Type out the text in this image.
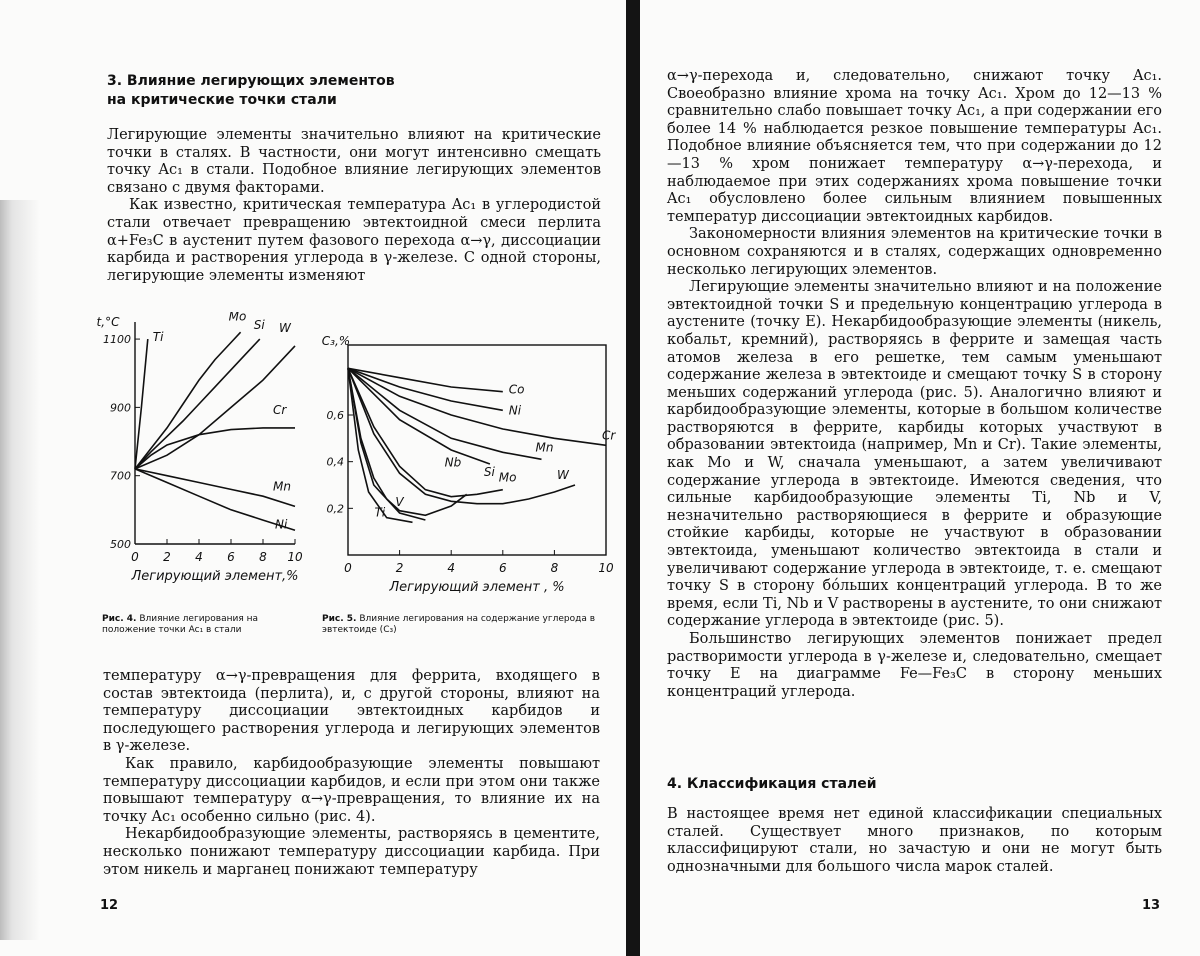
3. Влияние легирующих элементов
на критические точки стали

Легирующие элементы значительно влияют на критические точки в сталях. В частности, они могут интенсивно смещать точку Ac₁ в стали. Подобное влияние легирующих элементов связано с двумя факторами.

Как известно, критическая температура Ac₁ в углеродистой стали отвечает превращению эвтектоидной смеси перлита α+Fe₃C в аустенит путем фазового перехода α→γ, диссоциации карбида и растворения углерода в γ-железе. С одной стороны, легирующие элементы изменяют

0 2 4 6 8 10
1100
900
700
500
t,°C
Легирующий элемент,%
Ti
Mo
Si W
Cr
Mn
Ni
0	2	4	6	8	10
0,6
0,4
0,2
C₃,%
Легирующий элемент , %
Co
Ni
Cr
Mn
Si Mo	W
Nb
V
Ti
Рис. 4. Влияние легирования на положение точки Ac₁ в стали
Рис. 5. Влияние легирования на содержание углерода в эвтектоиде (C₃)

температуру α→γ-превращения для феррита, входящего в состав эвтектоида (перлита), и, с другой стороны, влияют на температуру диссоциации эвтектоидных карбидов и последующего растворения углерода и легирующих элементов в γ-железе.

Как правило, карбидообразующие элементы повышают температуру диссоциации карбидов, и если при этом они также повышают температуру α→γ-превращения, то влияние их на точку Ac₁ особенно сильно (рис. 4).

Некарбидообразующие элементы, растворяясь в цементите, несколько понижают температуру диссоциации карбида. При этом никель и марганец понижают температуру

12

α→γ-перехода и, следовательно, снижают точку Ac₁. Своеобразно влияние хрома на точку Ac₁. Хром до 12—13 % сравнительно слабо повышает точку Ac₁, а при содержании его более 14 % наблюдается резкое повышение температуры Ac₁. Подобное влияние объясняется тем, что при содержании до 12—13 % хром понижает температуру α→γ-перехода, и наблюдаемое при этих содержаниях хрома повышение точки Ac₁ обусловлено более сильным влиянием повышенных температур диссоциации эвтектоидных карбидов.

Закономерности влияния элементов на критические точки в основном сохраняются и в сталях, содержащих одновременно несколько легирующих элементов.

Легирующие элементы значительно влияют и на положение эвтектоидной точки S и предельную концентрацию углерода в аустените (точку E). Некарбидообразующие элементы (никель, кобальт, кремний), растворяясь в феррите и замещая часть атомов железа в его решетке, тем самым уменьшают содержание железа в эвтектоиде и смещают точку S в сторону меньших содержаний углерода (рис. 5). Аналогично влияют и карбидообразующие элементы, которые в большом количестве растворяются в феррите, карбиды которых участвуют в образовании эвтектоида (например, Mn и Cr). Такие элементы, как Mo и W, сначала уменьшают, а затем увеличивают содержание углерода в эвтектоиде. Имеются сведения, что сильные карбидообразующие элементы Ti, Nb и V, незначительно растворяющиеся в феррите и образующие стойкие карбиды, которые не участвуют в образовании эвтектоида, уменьшают количество эвтектоида в стали и увеличивают содержание углерода в эвтектоиде, т. е. смещают точку S в сторону бóльших концентраций углерода. В то же время, если Ti, Nb и V растворены в аустените, то они снижают содержание углерода в эвтектоиде (рис. 5).

Большинство легирующих элементов понижает предел растворимости углерода в γ-железе и, следовательно, смещает точку E на диаграмме Fe—Fe₃C в сторону меньших концентраций углерода.

4. Классификация сталей

В настоящее время нет единой классификации специальных сталей. Существует много признаков, по которым классифицируют стали, но зачастую и они не могут быть однозначными для большого числа марок сталей.

13
